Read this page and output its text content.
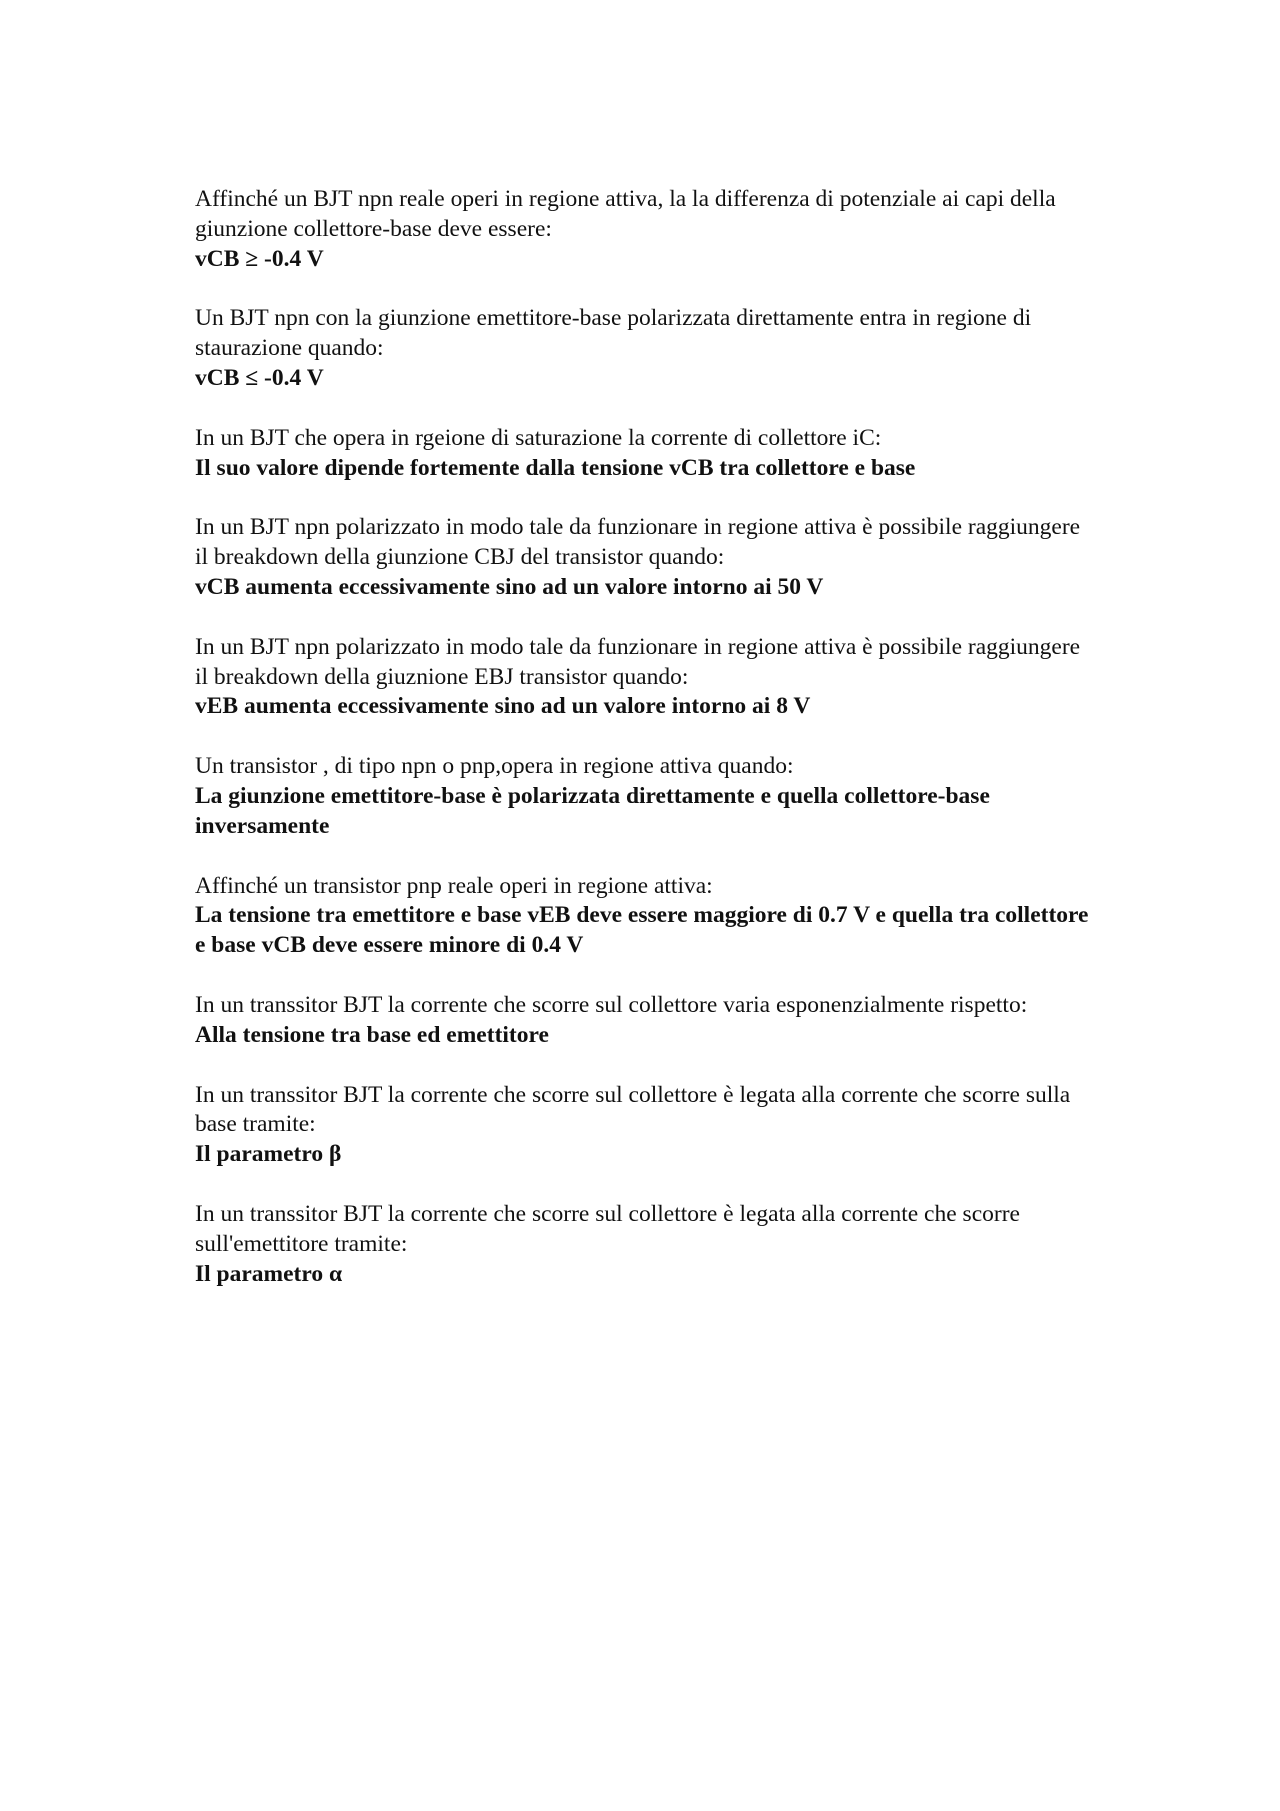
Affinché un BJT npn reale operi in regione attiva, la la differenza di potenziale ai capi della giunzione collettore-base deve essere:

vCB ≥ -0.4 V

Un BJT npn con la giunzione emettitore-base polarizzata direttamente entra in regione di staurazione quando:

vCB ≤ -0.4 V

In un BJT che opera in rgeione di saturazione la corrente di collettore iC:

Il suo valore dipende fortemente dalla tensione vCB tra collettore e base

In un BJT npn polarizzato in modo tale da funzionare in regione attiva è possibile raggiungere il breakdown della giunzione CBJ del transistor quando:

vCB aumenta eccessivamente sino ad un valore intorno ai 50 V

In un BJT npn polarizzato in modo tale da funzionare in regione attiva è possibile raggiungere il breakdown della giuznione EBJ transistor quando:

vEB aumenta eccessivamente sino ad un valore intorno ai 8 V

Un transistor , di tipo npn o pnp,opera in regione attiva quando:

La giunzione emettitore-base è polarizzata direttamente e quella collettore-base inversamente

Affinché un transistor pnp reale operi in regione attiva:

La tensione tra emettitore e base vEB deve essere maggiore di 0.7 V e quella tra collettore e base vCB deve essere minore di 0.4 V

In un transsitor BJT la corrente che scorre sul collettore varia esponenzialmente rispetto:

Alla tensione tra base ed emettitore

In un transsitor BJT la corrente che scorre sul collettore è legata alla corrente che scorre sulla base tramite:

Il parametro β

In un transsitor BJT la corrente che scorre sul collettore è legata alla corrente che scorre sull'emettitore tramite:

Il parametro α
